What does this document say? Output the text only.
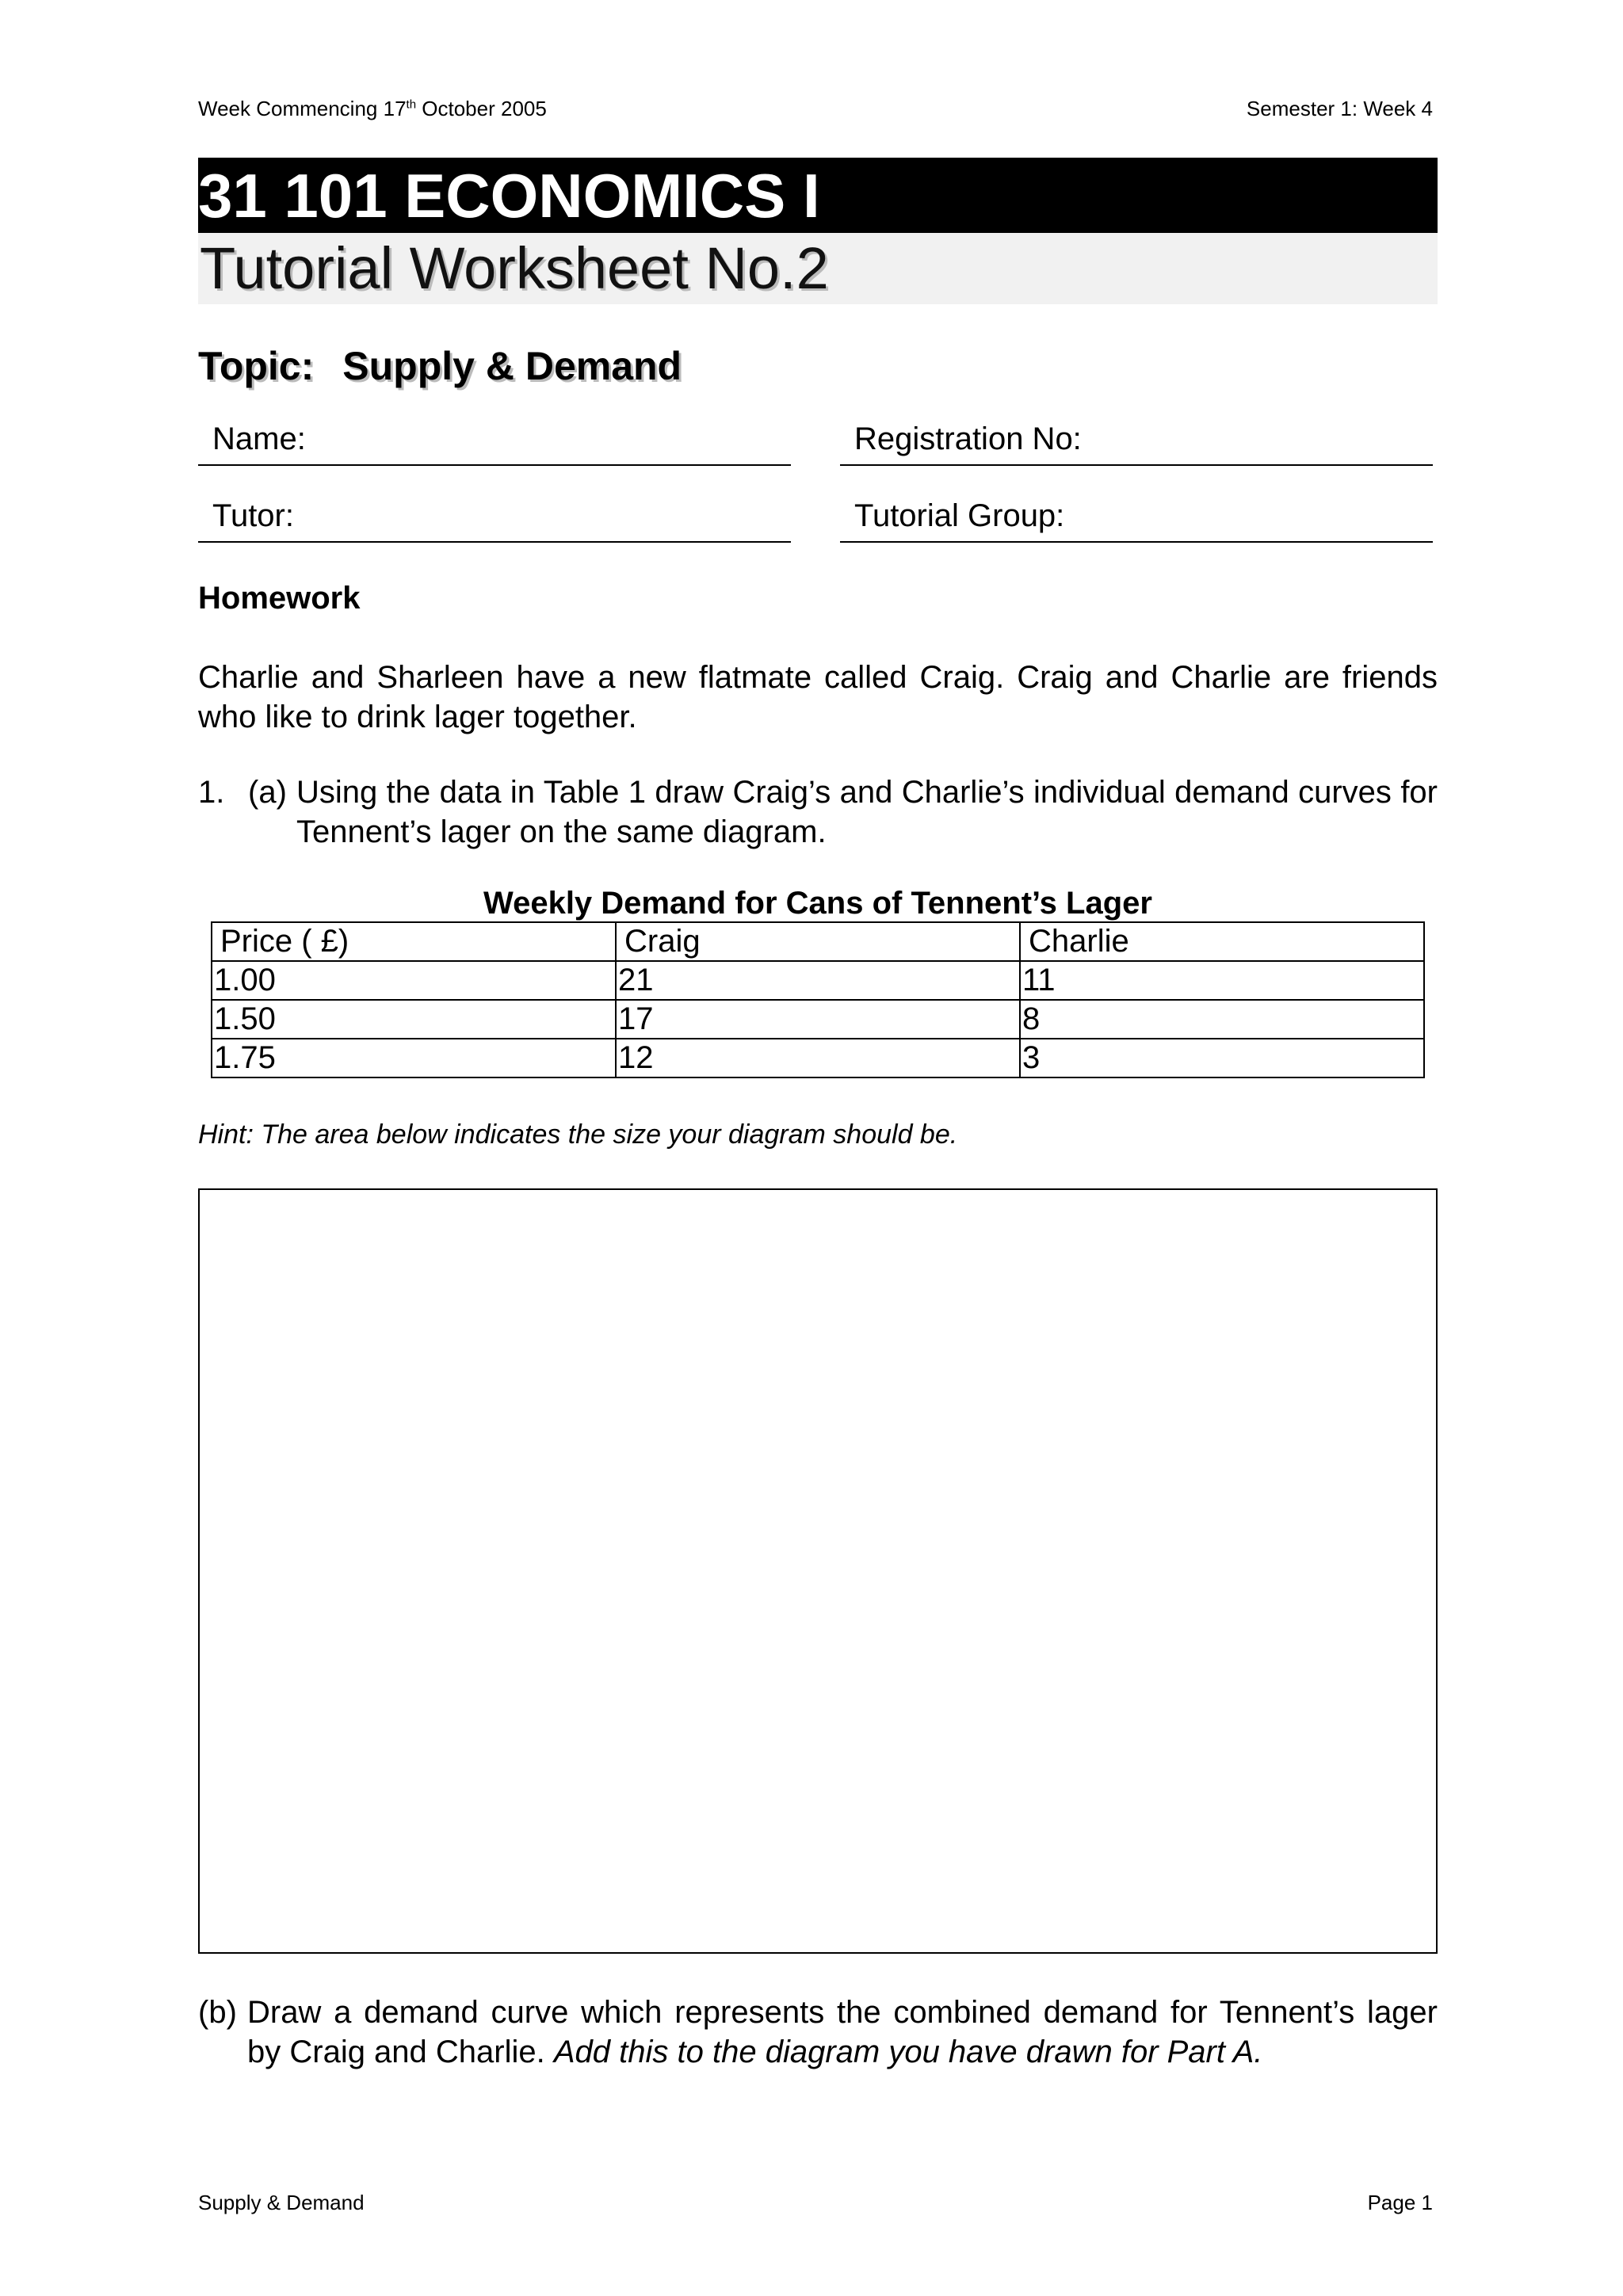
Week Commencing 17th October 2005	Semester 1: Week 4
31 101 ECONOMICS I
Tutorial Worksheet No.2
Topic: Supply & Demand
Name:	Registration No:
Tutor:	Tutorial Group:
Homework
Charlie and Sharleen have a new flatmate called Craig. Craig and Charlie are friends who like to drink lager together.
1. (a) Using the data in Table 1 draw Craig’s and Charlie’s individual demand curves for Tennent’s lager on the same diagram.
Weekly Demand for Cans of Tennent’s Lager
Price ( £)	Craig	Charlie
1.00	21	11
1.50	17	8
1.75	12	3
Hint: The area below indicates the size your diagram should be.
(b) Draw a demand curve which represents the combined demand for Tennent’s lager by Craig and Charlie. Add this to the diagram you have drawn for Part A.
Supply & Demand	Page 1
